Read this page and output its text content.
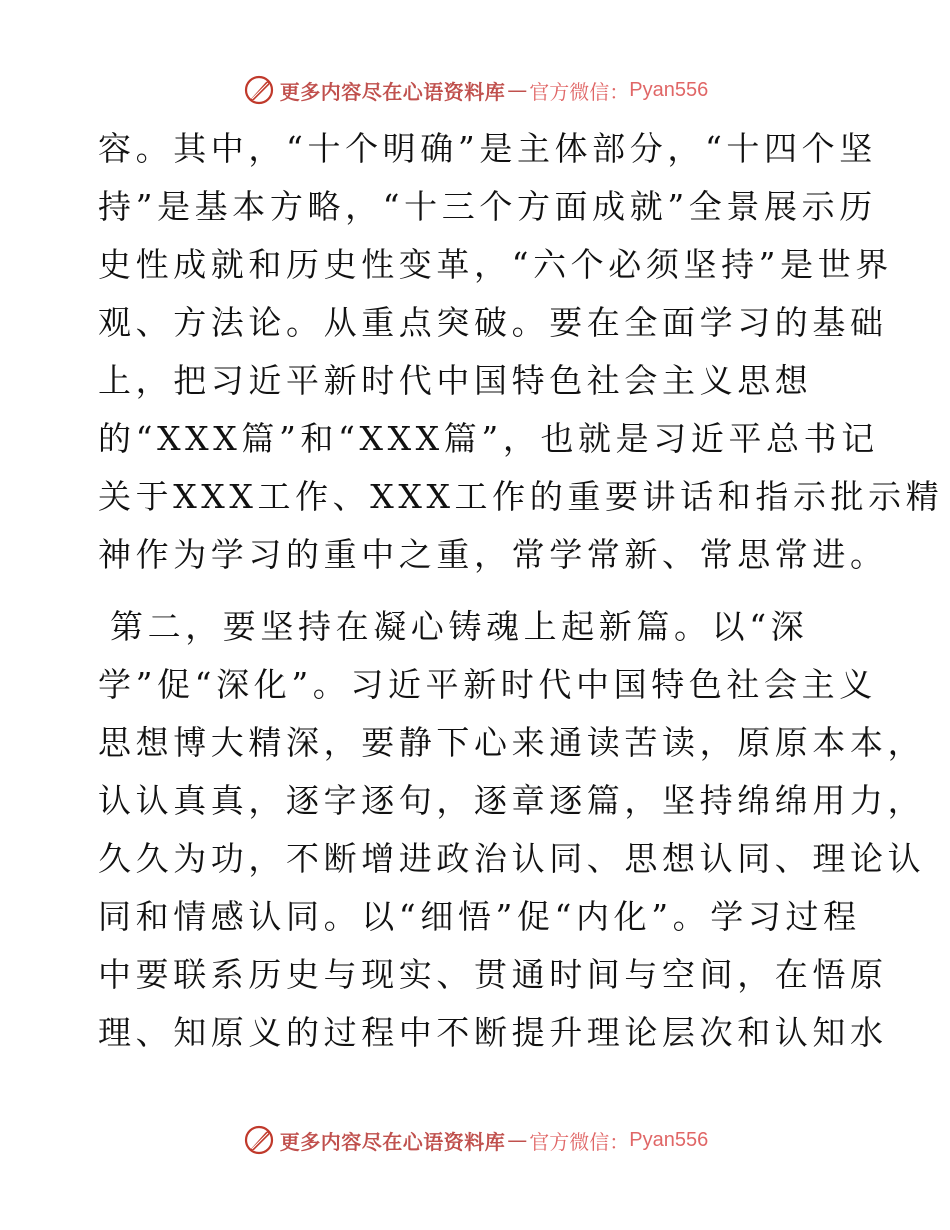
更多内容尽在心语资料库 — 官方微信： Pyan556
容。其中，“十个明确”是主体部分，“十四个坚
持”是基本方略，“十三个方面成就”全景展示历
史性成就和历史性变革，“六个必须坚持”是世界
观、方法论。从重点突破。要在全面学习的基础
上，把习近平新时代中国特色社会主义思想
的“XXX篇”和“XXX篇”，也就是习近平总书记
关于XXX工作、XXX工作的重要讲话和指示批示精
神作为学习的重中之重，常学常新、常思常进。
第二，要坚持在凝心铸魂上起新篇。以“深
学”促“深化”。习近平新时代中国特色社会主义
思想博大精深，要静下心来通读苦读，原原本本，
认认真真，逐字逐句，逐章逐篇，坚持绵绵用力，
久久为功，不断增进政治认同、思想认同、理论认
同和情感认同。以“细悟”促“内化”。学习过程
中要联系历史与现实、贯通时间与空间，在悟原
理、知原义的过程中不断提升理论层次和认知水
更多内容尽在心语资料库 — 官方微信： Pyan556
